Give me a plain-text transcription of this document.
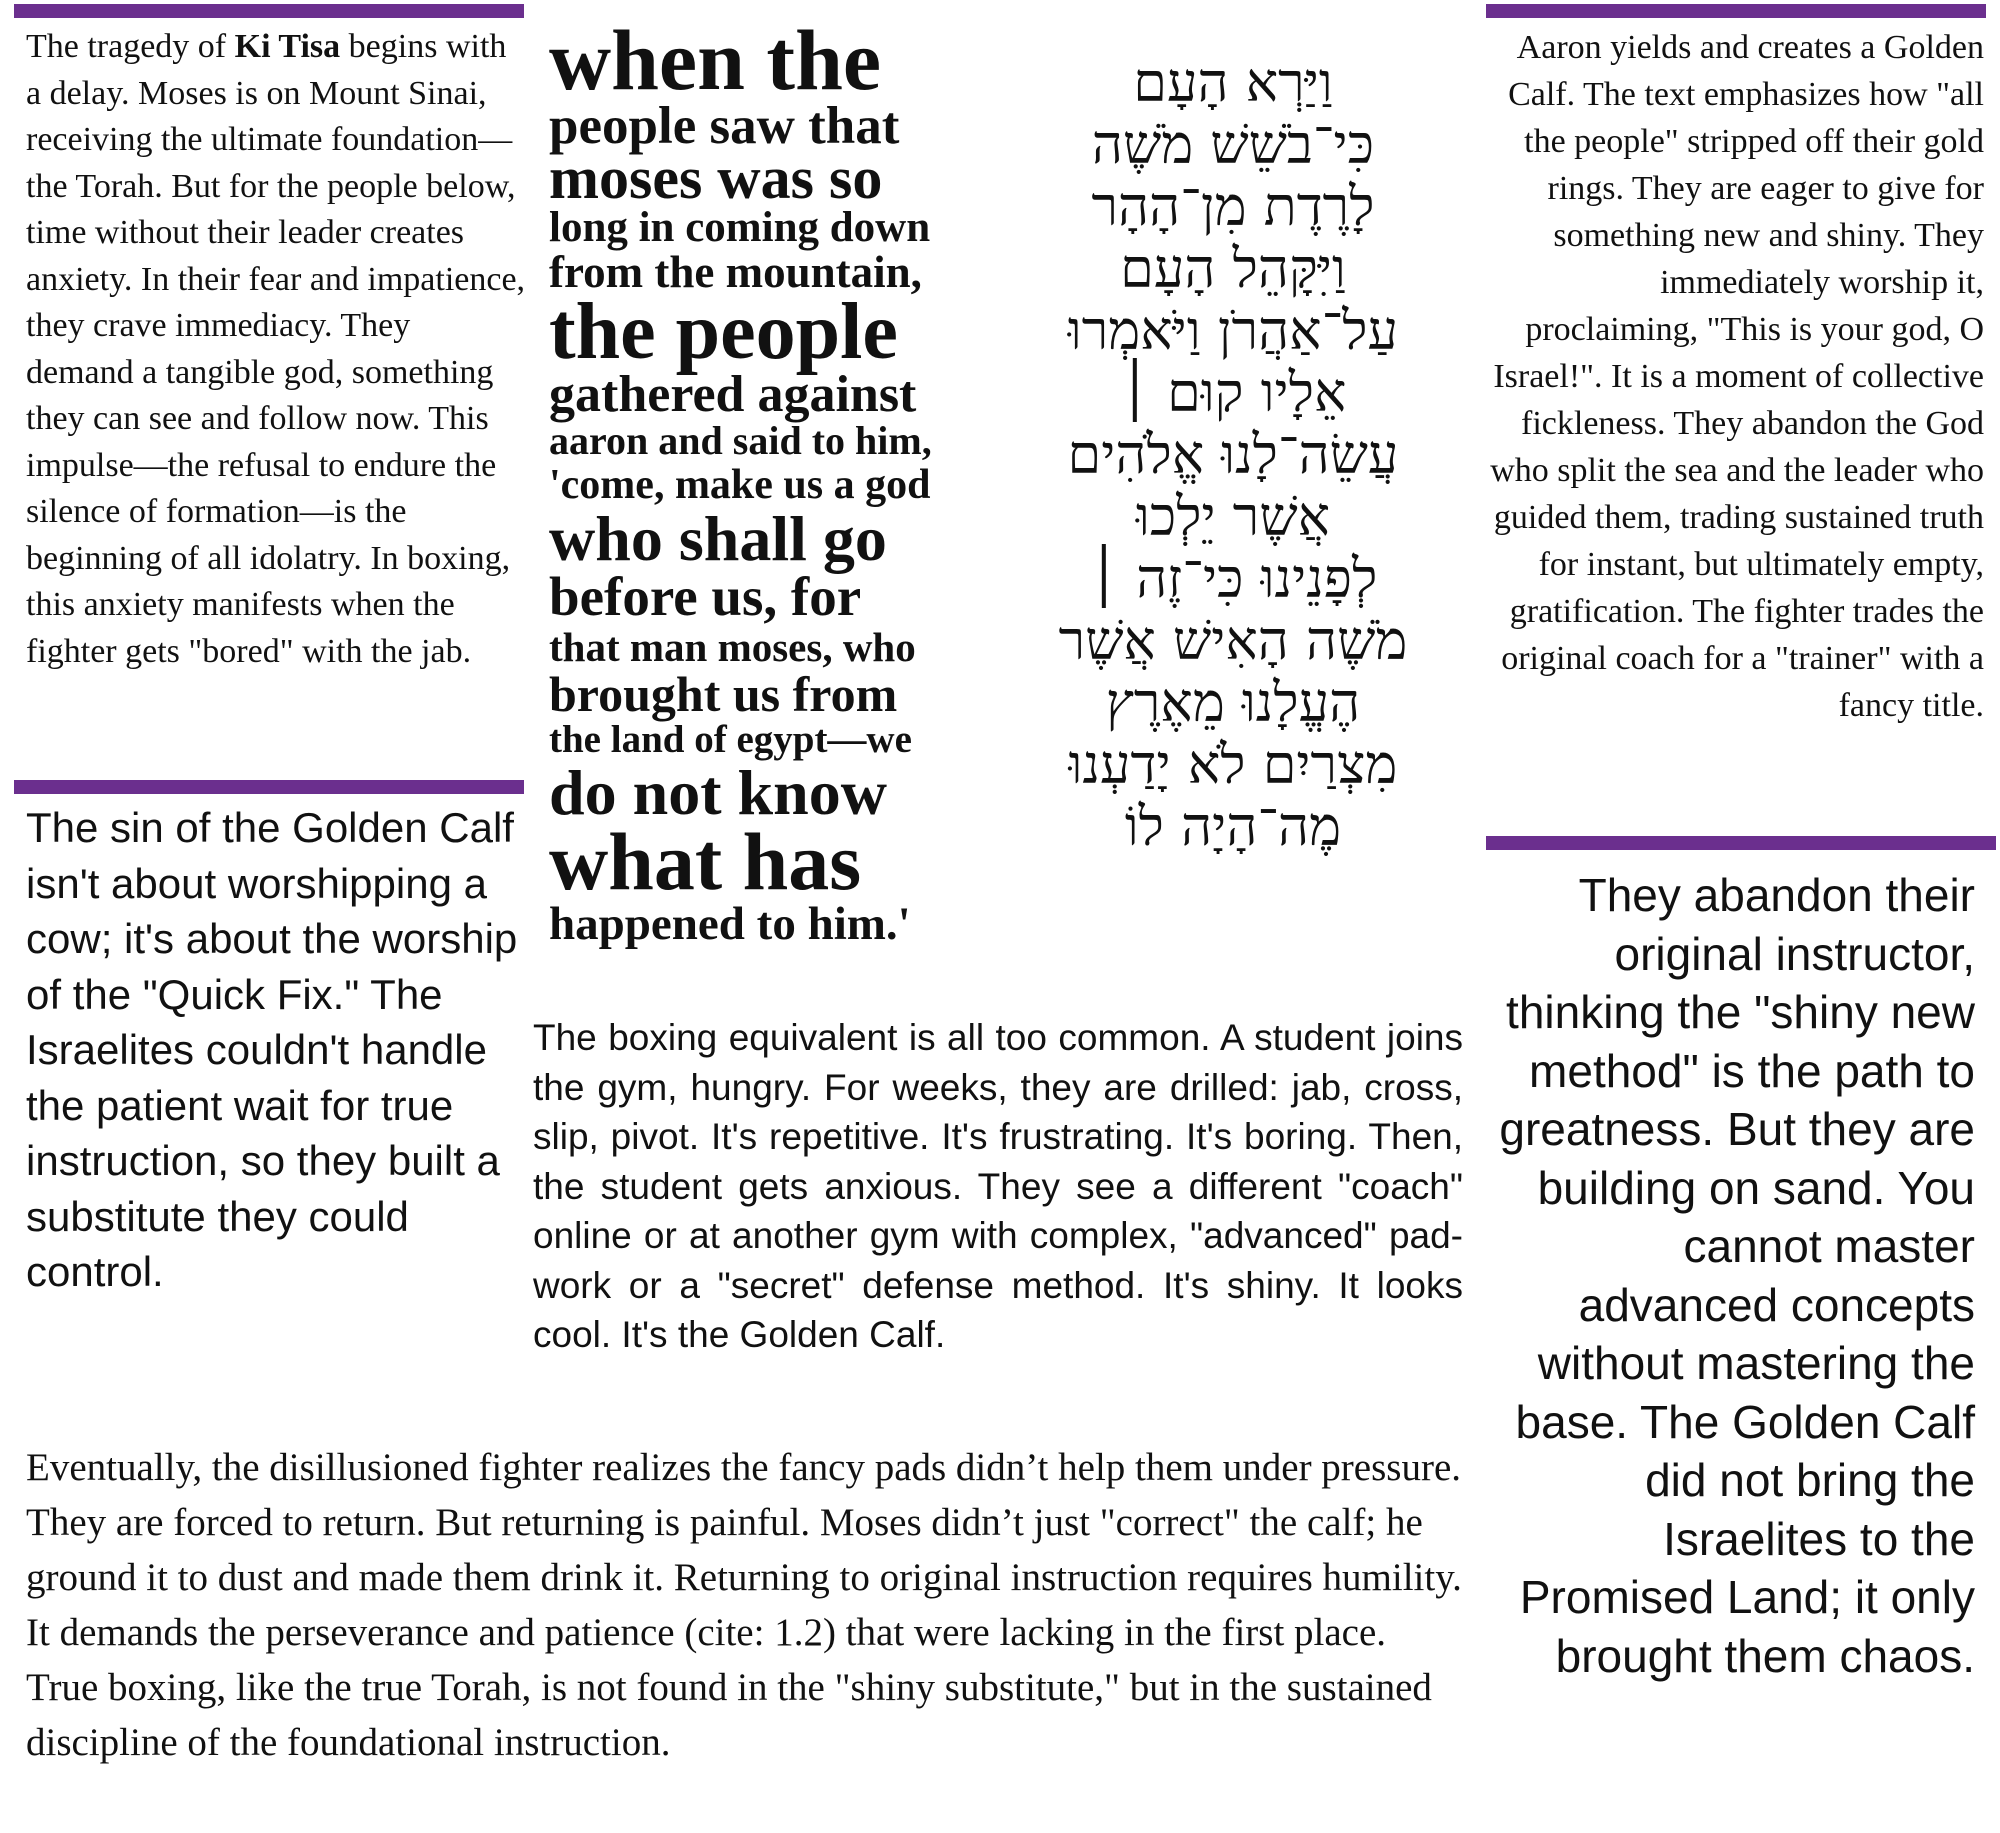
The tragedy of Ki Tisa begins with a delay. Moses is on Mount Sinai, receiving the ultimate foundation—the Torah. But for the people below, time without their leader creates anxiety. In their fear and impatience, they crave immediacy. They demand a tangible god, something they can see and follow now. This impulse—the refusal to endure the silence of formation—is the beginning of all idolatry. In boxing, this anxiety manifests when the fighter gets "bored" with the jab.

The sin of the Golden Calf isn't about worshipping a cow; it's about the worship of the "Quick Fix." The Israelites couldn't handle the patient wait for true instruction, so they built a substitute they could control.

when the
people saw that
moses was so
long in coming down
from the mountain,
the people
gathered against
aaron and said to him,
'come, make us a god
who shall go
before us, for
that man moses, who
brought us from
the land of egypt—we
do not know
what has
happened to him.'
וַיַּרְא הָעָם
כִּי־בֹשֵׁשׁ מֹשֶׁה
לָרֶדֶת מִן־הָהָר
וַיִּקָּהֵל הָעָם
עַל־אַהֲרֹן וַיֹּאמְרוּ
אֵלָיו קוּם ׀
עֲשֵׂה־לָנוּ אֱלֹהִים
אֲשֶׁר יֵלְכוּ
לְפָנֵינוּ כִּי־זֶה ׀
מֹשֶׁה הָאִישׁ אֲשֶׁר
הֶעֱלָנוּ מֵאֶרֶץ
מִצְרַיִם לֹא יָדַעְנוּ
מֶה־הָיָה לוֹ

The boxing equivalent is all too common. A student joins the gym, hungry. For weeks, they are drilled: jab, cross, slip, pivot. It's repetitive. It's frustrating. It's boring. Then, the student gets anxious. They see a different "coach" online or at another gym with complex, "advanced" pad-work or a "secret" defense method. It's shiny. It looks cool. It's the Golden Calf.

Aaron yields and creates a Golden Calf. The text emphasizes how "all the people" stripped off their gold rings. They are eager to give for something new and shiny. They immediately worship it, proclaiming, "This is your god, O Israel!". It is a moment of collective fickleness. They abandon the God who split the sea and the leader who guided them, trading sustained truth for instant, but ultimately empty, gratification. The fighter trades the original coach for a "trainer" with a fancy title.

They abandon their original instructor, thinking the "shiny new method" is the path to greatness. But they are building on sand. You cannot master advanced concepts without mastering the base. The Golden Calf did not bring the Israelites to the Promised Land; it only brought them chaos.

Eventually, the disillusioned fighter realizes the fancy pads didn’t help them under pressure. They are forced to return. But returning is painful. Moses didn’t just "correct" the calf; he ground it to dust and made them drink it. Returning to original instruction requires humility. It demands the perseverance and patience (cite: 1.2) that were lacking in the first place. True boxing, like the true Torah, is not found in the "shiny substitute," but in the sustained discipline of the foundational instruction.
